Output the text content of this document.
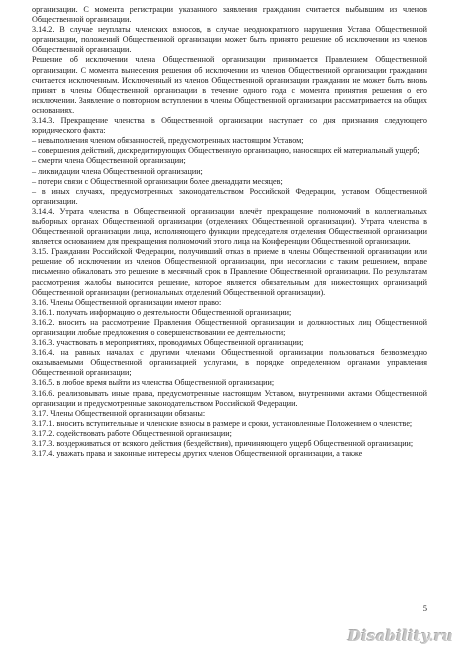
организации. С момента регистрации указанного заявления гражданин считается выбывшим из членов Общественной организации.

3.14.2. В случае неуплаты членских взносов, в случае неоднократного нарушения Устава Общественной организации, положений Общественной организации может быть принято решение об исключении из членов Общественной организации.

Решение об исключении члена Общественной организации принимается Правлением Общественной организации. С момента вынесения решения об исключении из членов Общественной организации гражданин считается исключенным. Исключенный из членов Общественной организации гражданин не может быть вновь принят в члены Общественной организации в течение одного года с момента принятия решения о его исключении. Заявление о повторном вступлении в члены Общественной организации рассматривается на общих основаниях.

3.14.3. Прекращение членства в Общественной организации наступает со дня признания следующего юридического факта:

– невыполнения членом обязанностей, предусмотренных настоящим Уставом;

– совершения действий, дискредитирующих Общественную организацию, наносящих ей материальный ущерб;

– смерти члена Общественной организации;

– ликвидации члена Общественной организации;

– потери связи с Общественной организации более двенадцати месяцев;

– в иных случаях, предусмотренных законодательством Российской Федерации, уставом Общественной организации.

3.14.4. Утрата членства в Общественной организации влечёт прекращение полномочий в коллегиальных выборных органах Общественной организации (отделениях Общественной организации). Утрата членства в Общественной организации лица, исполняющего функции председателя отделения Общественной организации является основанием для прекращения полномочий этого лица на Конференции Общественной организации.

3.15. Гражданин Российской Федерации, получивший отказ в приеме в члены Общественной организации или решение об исключении из членов Общественной организации, при несогласии с таким решением, вправе письменно обжаловать это решение в месячный срок в Правление Общественной организации. По результатам рассмотрения жалобы выносится решение, которое является обязательным для нижестоящих организаций Общественной организации (региональных отделений Общественной организации).

3.16. Члены Общественной организации имеют право:

3.16.1. получать информацию о деятельности Общественной организации;

3.16.2. вносить на рассмотрение Правления Общественной организации и должностных лиц Общественной организации любые предложения о совершенствовании ее деятельности;

3.16.3. участвовать в мероприятиях, проводимых Общественной организации;

3.16.4. на равных началах с другими членами Общественной организации пользоваться безвозмездно оказываемыми Общественной организацией услугами, в порядке определенном органами управления Общественной организации;

3.16.5. в любое время выйти из членства Общественной организации;

3.16.6. реализовывать иные права, предусмотренные настоящим Уставом, внутренними актами Общественной организации и предусмотренные законодательством Российской Федерации.

3.17. Члены Общественной организации обязаны:

3.17.1. вносить вступительные и членские взносы в размере и сроки, установленные Положением о членстве;

3.17.2. содействовать работе Общественной организации;

3.17.3. воздерживаться от всякого действия (бездействия), причиняющего ущерб Общественной организации;

3.17.4. уважать права и законные интересы других членов Общественной организации, а также

5
Disability.ru
